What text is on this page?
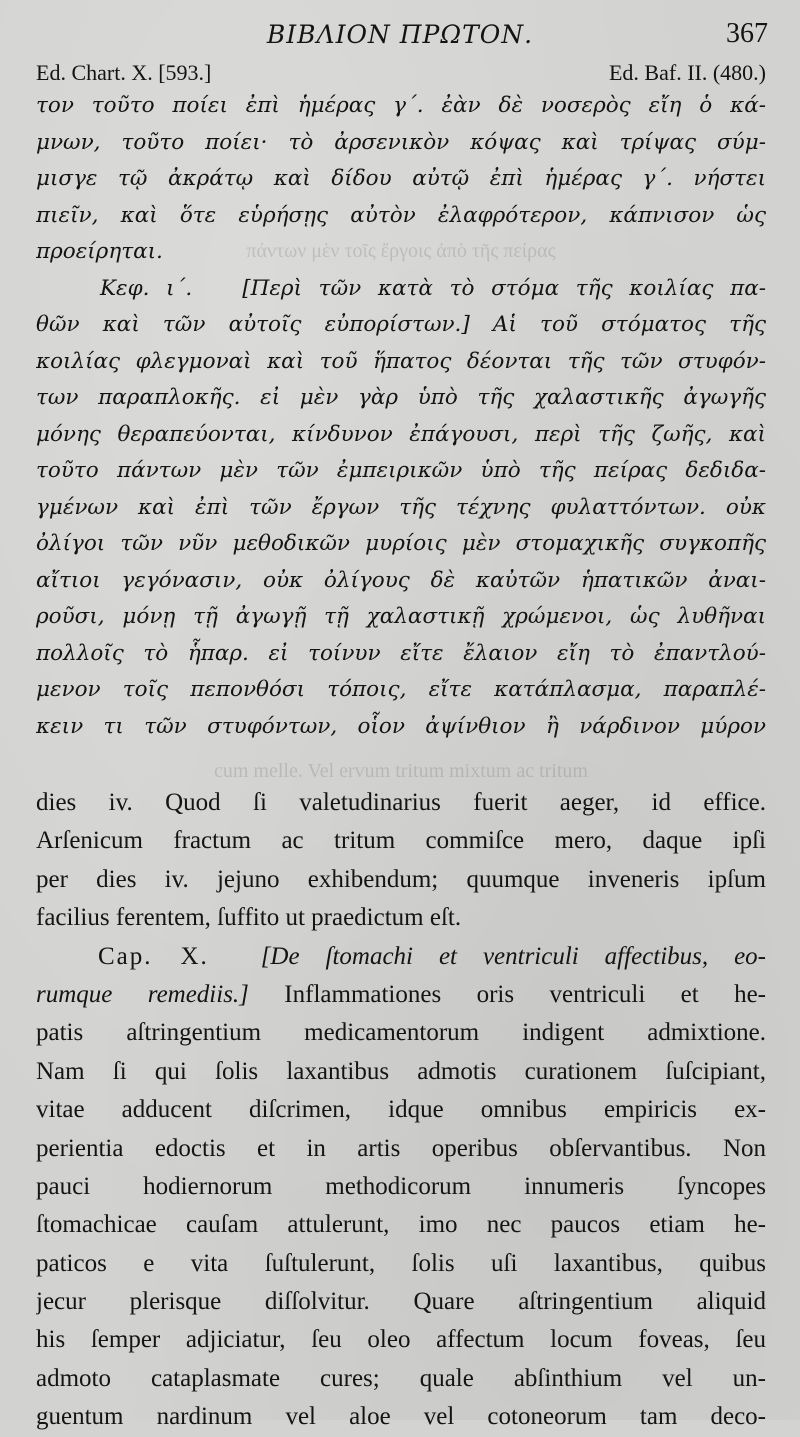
ΒΙΒΛΙΟΝ ΠΡΩΤΟΝ.	367
Ed. Chart. X. [593.]	Ed. Baf. II. (480.)
πάντων μὲν τοῖς ἔργοις ἀπὸ τῆς πείρας
cum melle. Vel ervum tritum mixtum ac tritum
τον τοῦτο ποίει ἐπὶ ἡμέρας γ΄. ἐὰν δὲ νοσερὸς εἴη ὁ κά-
μνων, τοῦτο ποίει· τὸ ἀρσενικὸν κόψας καὶ τρίψας σύμ-
μισγε τῷ ἀκράτῳ καὶ δίδου αὐτῷ ἐπὶ ἡμέρας γ΄. νήστει
πιεῖν, καὶ ὅτε εὑρήσῃς αὐτὸν ἐλαφρότερον, κάπνισον ὡς
προείρηται.
Κεφ. ι΄. [Περὶ τῶν κατὰ τὸ στόμα τῆς κοιλίας πα-
θῶν καὶ τῶν αὐτοῖς εὐπορίστων.] Αἱ τοῦ στόματος τῆς
κοιλίας φλεγμοναὶ καὶ τοῦ ἥπατος δέονται τῆς τῶν στυφόν-
των παραπλοκῆς. εἰ μὲν γὰρ ὑπὸ τῆς χαλαστικῆς ἀγωγῆς
μόνης θεραπεύονται, κίνδυνον ἐπάγουσι, περὶ τῆς ζωῆς, καὶ
τοῦτο πάντων μὲν τῶν ἐμπειρικῶν ὑπὸ τῆς πείρας δεδιδα-
γμένων καὶ ἐπὶ τῶν ἔργων τῆς τέχνης φυλαττόντων. οὐκ
ὀλίγοι τῶν νῦν μεθοδικῶν μυρίοις μὲν στομαχικῆς συγκοπῆς
αἴτιοι γεγόνασιν, οὐκ ὀλίγους δὲ καὐτῶν ἡπατικῶν ἀναι-
ροῦσι, μόνῃ τῇ ἀγωγῇ τῇ χαλαστικῇ χρώμενοι, ὡς λυθῆναι
πολλοῖς τὸ ἧπαρ. εἰ τοίνυν εἴτε ἔλαιον εἴη τὸ ἐπαντλού-
μενον τοῖς πεπονθόσι τόποις, εἴτε κατάπλασμα, παραπλέ-
κειν τι τῶν στυφόντων, οἷον ἀψίνθιον ἢ νάρδινον μύρον
dies iv. Quod ſi valetudinarius fuerit aeger, id effice.
Arſenicum fractum ac tritum commiſce mero, daque ipſi
per dies iv. jejuno exhibendum; quumque inveneris ipſum
facilius ferentem, ſuffito ut praedictum eſt.
Cap. X. [De ſtomachi et ventriculi affectibus, eo-
rumque remediis.] Inflammationes oris ventriculi et he-
patis aſtringentium medicamentorum indigent admixtione.
Nam ſi qui ſolis laxantibus admotis curationem ſuſcipiant,
vitae adducent diſcrimen, idque omnibus empiricis ex-
perientia edoctis et in artis operibus obſervantibus. Non
pauci hodiernorum methodicorum innumeris ſyncopes
ſtomachicae cauſam attulerunt, imo nec paucos etiam he-
paticos e vita ſuſtulerunt, ſolis uſi laxantibus, quibus
jecur plerisque diſſolvitur. Quare aſtringentium aliquid
his ſemper adjiciatur, ſeu oleo affectum locum foveas, ſeu
admoto cataplasmate cures; quale abſinthium vel un-
guentum nardinum vel aloe vel cotoneorum tam deco-
